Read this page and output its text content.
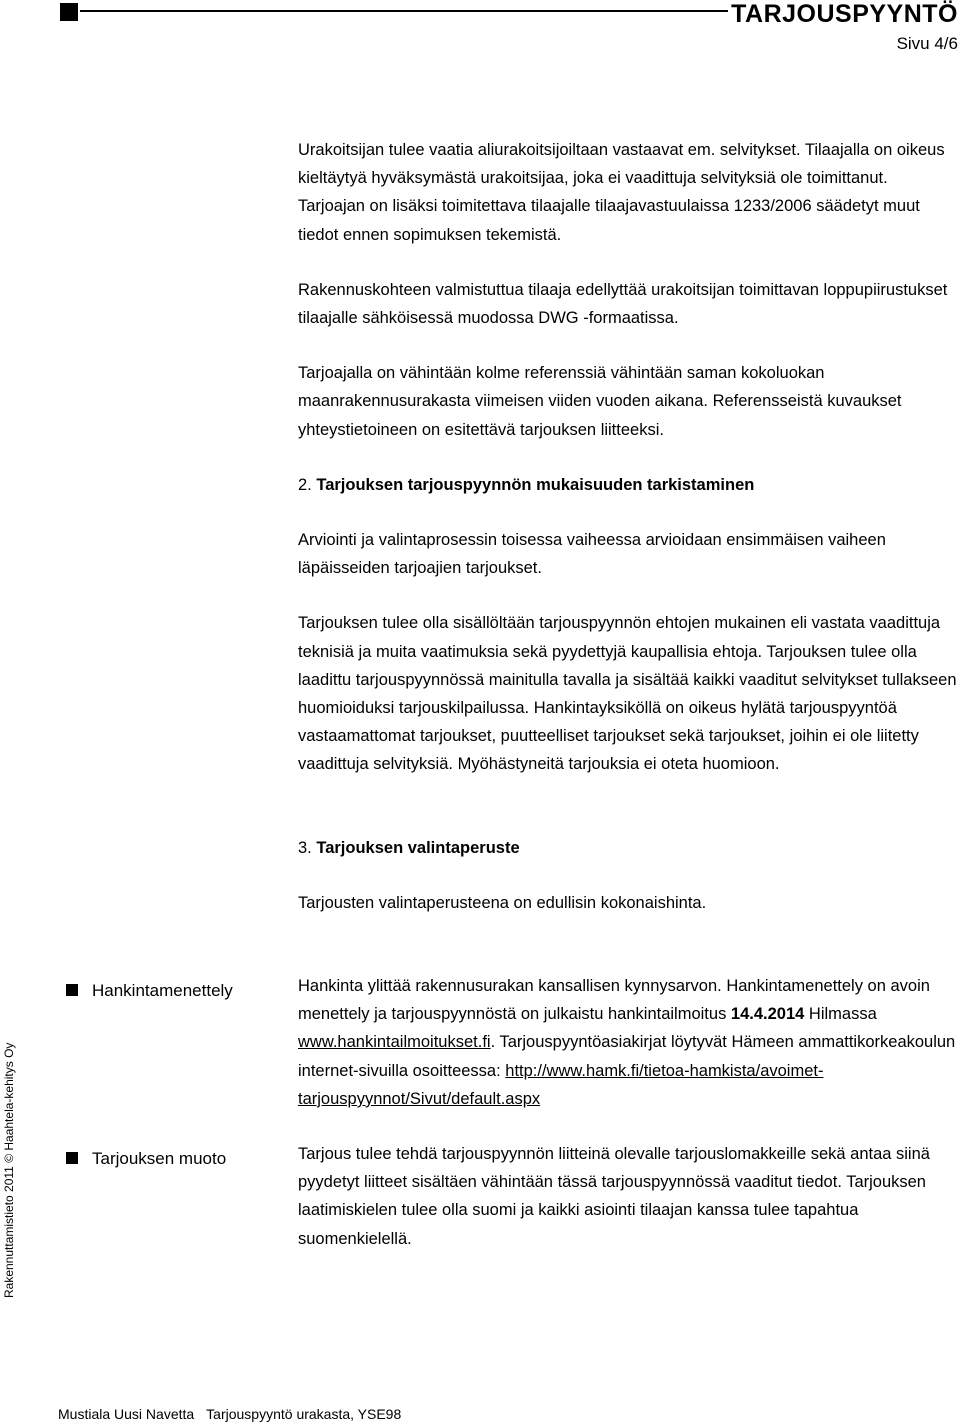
TARJOUSPYYNTÖ
Sivu 4/6

Urakoitsijan tulee vaatia aliurakoitsijoiltaan vastaavat em. selvitykset. Tilaajalla on oikeus kieltäytyä hyväksymästä urakoitsijaa, joka ei vaadittuja selvityksiä ole toimittanut. Tarjoajan on lisäksi toimitettava tilaajalle tilaajavastuulaissa 1233/2006 säädetyt muut tiedot ennen sopimuksen tekemistä.

Rakennuskohteen valmistuttua tilaaja edellyttää urakoitsijan toimittavan loppupiirustukset tilaajalle sähköisessä muodossa DWG -formaatissa.

Tarjoajalla on vähintään kolme referenssiä vähintään saman kokoluokan maanrakennusurakasta viimeisen viiden vuoden aikana. Referensseistä kuvaukset yhteystietoineen on esitettävä tarjouksen liitteeksi.

2. Tarjouksen tarjouspyynnön mukaisuuden tarkistaminen

Arviointi ja valintaprosessin toisessa vaiheessa arvioidaan ensimmäisen vaiheen läpäisseiden tarjoajien tarjoukset.

Tarjouksen tulee olla sisällöltään tarjouspyynnön ehtojen mukainen eli vastata vaadittuja teknisiä ja muita vaatimuksia sekä pyydettyjä kaupallisia ehtoja. Tarjouksen tulee olla laadittu tarjouspyynnössä mainitulla tavalla ja sisältää kaikki vaaditut selvitykset tullakseen huomioiduksi tarjouskilpailussa. Hankintayksiköllä on oikeus hylätä tarjouspyyntöä vastaamattomat tarjoukset, puutteelliset tarjoukset sekä tarjoukset, joihin ei ole liitetty vaadittuja selvityksiä. Myöhästyneitä tarjouksia ei oteta huomioon.

3. Tarjouksen valintaperuste

Tarjousten valintaperusteena on edullisin kokonaishinta.

Hankinta ylittää rakennusurakan kansallisen kynnysarvon. Hankintamenettely on avoin menettely ja tarjouspyynnöstä on julkaistu hankintailmoitus 14.4.2014 Hilmassa www.hankintailmoitukset.fi. Tarjouspyyntöasiakirjat löytyvät Hämeen ammattikorkeakoulun internet-sivuilla osoitteessa: http://www.hamk.fi/tietoa-hamkista/avoimet-tarjouspyynnot/Sivut/default.aspx

Tarjous tulee tehdä tarjouspyynnön liitteinä olevalle tarjouslomakkeille sekä antaa siinä pyydetyt liitteet sisältäen vähintään tässä tarjouspyynnössä vaaditut tiedot. Tarjouksen laatimiskielen tulee olla suomi ja kaikki asiointi tilaajan kanssa tulee tapahtua suomenkielellä.

Hankintamenettely
Tarjouksen muoto
Rakennuttamistieto 2011 © Haahtela-kehitys Oy
Mustiala Uusi Navetta Tarjouspyyntö urakasta, YSE98
